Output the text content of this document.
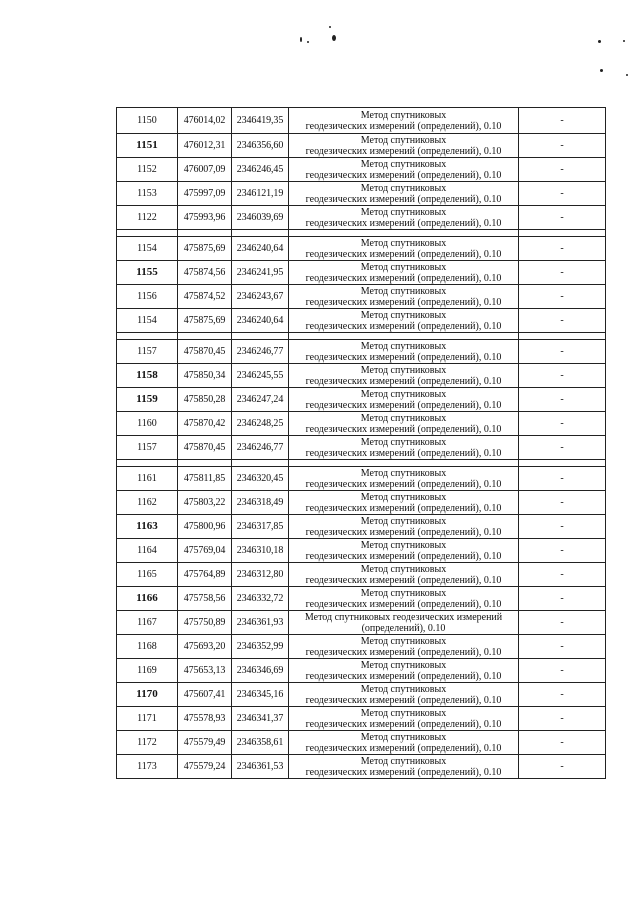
1150	476014,02	2346419,35	Метод спутниковых
геодезических измерений (определений), 0.10	-
1151	476012,31	2346356,60	Метод спутниковых
геодезических измерений (определений), 0.10	-
1152	476007,09	2346246,45	Метод спутниковых
геодезических измерений (определений), 0.10	-
1153	475997,09	2346121,19	Метод спутниковых
геодезических измерений (определений), 0.10	-
1122	475993,96	2346039,69	Метод спутниковых
геодезических измерений (определений), 0.10	-

1154	475875,69	2346240,64	Метод спутниковых
геодезических измерений (определений), 0.10	-
1155	475874,56	2346241,95	Метод спутниковых
геодезических измерений (определений), 0.10	-
1156	475874,52	2346243,67	Метод спутниковых
геодезических измерений (определений), 0.10	-
1154	475875,69	2346240,64	Метод спутниковых
геодезических измерений (определений), 0.10	-

1157	475870,45	2346246,77	Метод спутниковых
геодезических измерений (определений), 0.10	-
1158	475850,34	2346245,55	Метод спутниковых
геодезических измерений (определений), 0.10	-
1159	475850,28	2346247,24	Метод спутниковых
геодезических измерений (определений), 0.10	-
1160	475870,42	2346248,25	Метод спутниковых
геодезических измерений (определений), 0.10	-
1157	475870,45	2346246,77	Метод спутниковых
геодезических измерений (определений), 0.10	-

1161	475811,85	2346320,45	Метод спутниковых
геодезических измерений (определений), 0.10	-
1162	475803,22	2346318,49	Метод спутниковых
геодезических измерений (определений), 0.10	-
1163	475800,96	2346317,85	Метод спутниковых
геодезических измерений (определений), 0.10	-
1164	475769,04	2346310,18	Метод спутниковых
геодезических измерений (определений), 0.10	-
1165	475764,89	2346312,80	Метод спутниковых
геодезических измерений (определений), 0.10	-
1166	475758,56	2346332,72	Метод спутниковых
геодезических измерений (определений), 0.10	-
1167	475750,89	2346361,93	Метод спутниковых геодезических измерений
(определений), 0.10	-
1168	475693,20	2346352,99	Метод спутниковых
геодезических измерений (определений), 0.10	-
1169	475653,13	2346346,69	Метод спутниковых
геодезических измерений (определений), 0.10	-
1170	475607,41	2346345,16	Метод спутниковых
геодезических измерений (определений), 0.10	-
1171	475578,93	2346341,37	Метод спутниковых
геодезических измерений (определений), 0.10	-
1172	475579,49	2346358,61	Метод спутниковых
геодезических измерений (определений), 0.10	-
1173	475579,24	2346361,53	Метод спутниковых
геодезических измерений (определений), 0.10	-
